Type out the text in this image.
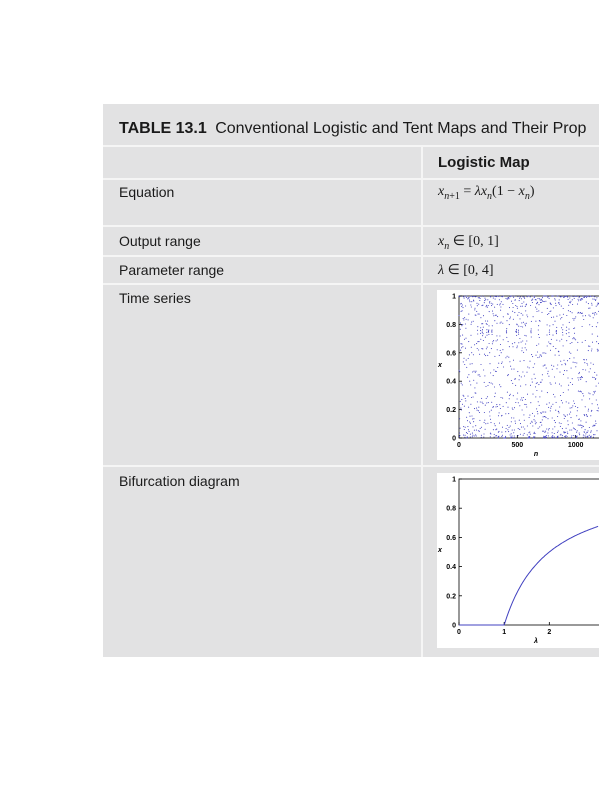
TABLE 13.1 Conventional Logistic and Tent Maps and Their Prop
Logistic Map
Equation	$x_{n+1} = \lambda x_n(1 - x_n)$
Output range	$x_n$ ∈ [0, 1]
Parameter range	λ ∈ [0, 4]
Time series
0
0.2
0.4
0.6
0.8
1
0	500	1000
n
x
Bifurcation diagram
0
0.2
0.4
0.6
0.8
1
0	1	2
λ
x
